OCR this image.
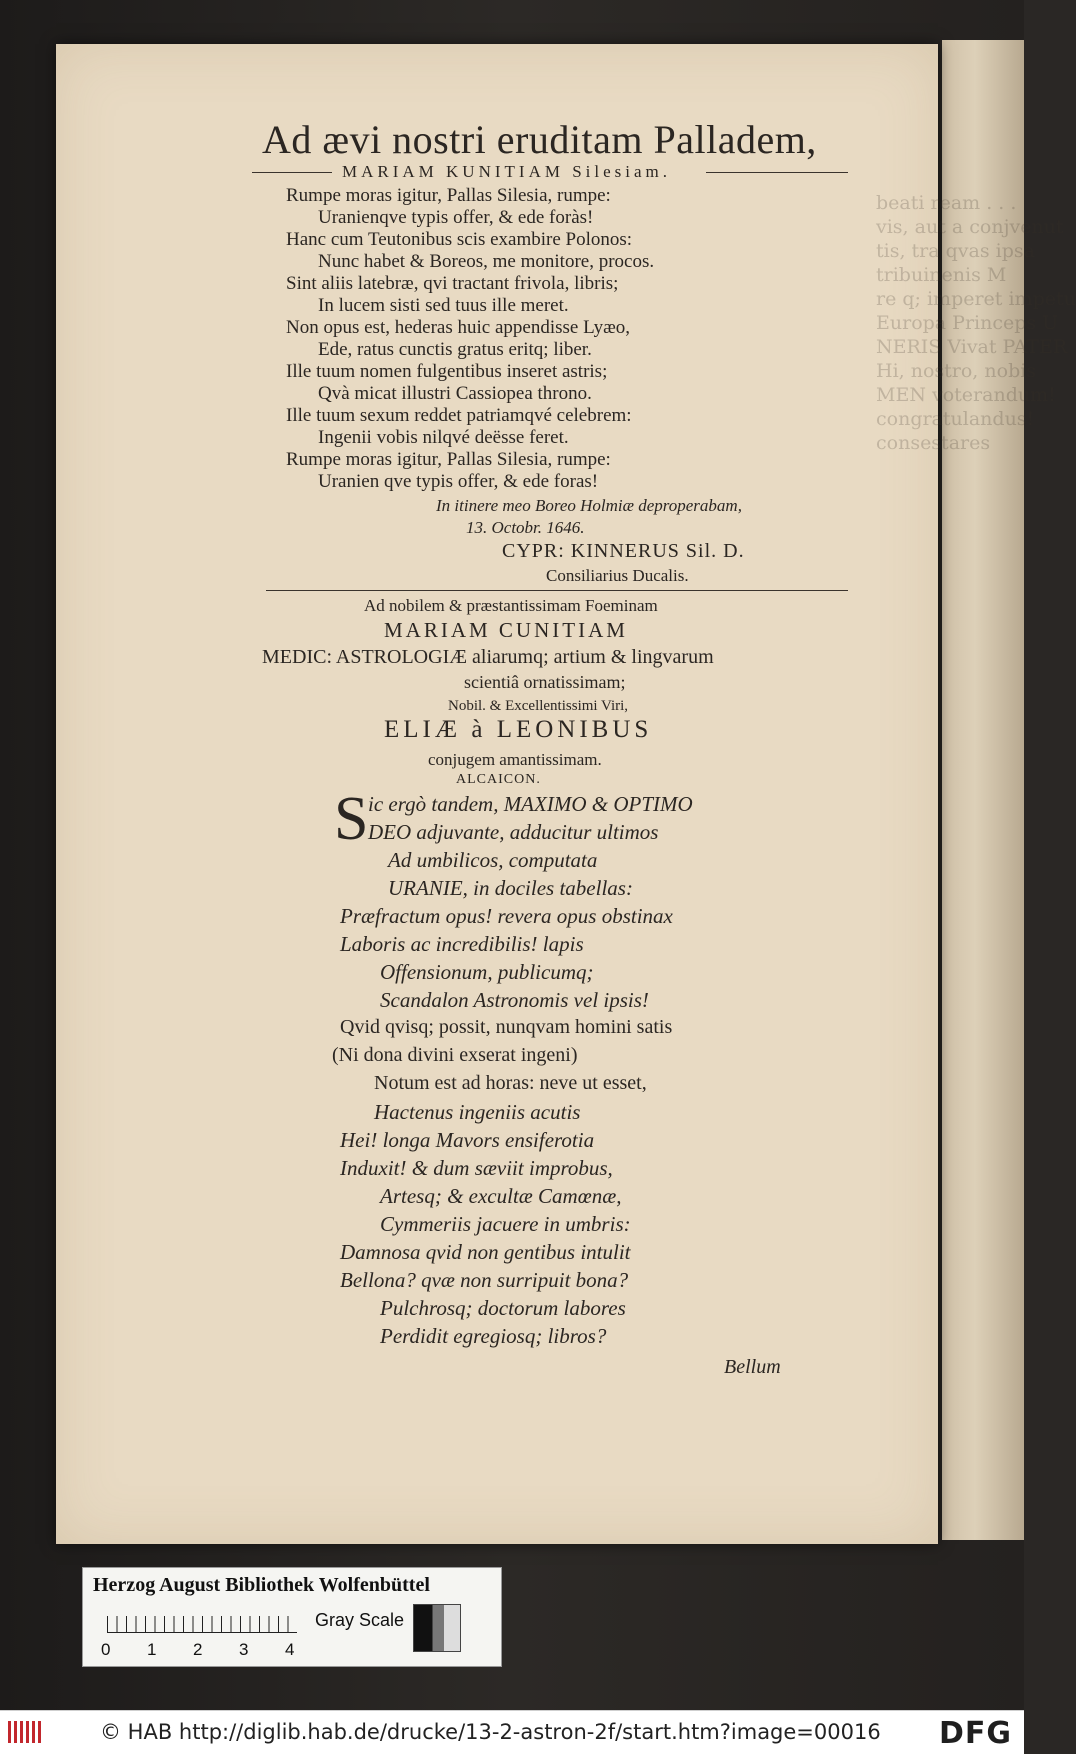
beati ream . . .
vis, aut a conjvenut
tis, tra qvas ipsa
tribuinenis M
re q; imperet impetu
Europa Princeps U
NERIS Vivat PATER
Hi, nostro, nobis
MEN voterandum!
congratulandus!
consestares
Ad ævi nostri eruditam Palladem,
MARIAM KUNITIAM Silesiam.
Rumpe moras igitur, Pallas Silesia, rumpe:
Uranienqve typis offer, & ede foràs!
Hanc cum Teutonibus scis exambire Polonos:
Nunc habet & Boreos, me monitore, procos.
Sint aliis latebræ, qvi tractant frivola, libris;
In lucem sisti sed tuus ille meret.
Non opus est, hederas huic appendisse Lyæo,
Ede, ratus cunctis gratus eritq; liber.
Ille tuum nomen fulgentibus inseret astris;
Qvà micat illustri Cassiopea throno.
Ille tuum sexum reddet patriamqvé celebrem:
Ingenii vobis nilqvé deësse feret.
Rumpe moras igitur, Pallas Silesia, rumpe:
Uranien qve typis offer, & ede foras!
In itinere meo Boreo Holmiæ deproperabam,
13. Octobr. 1646.
CYPR: KINNERUS Sil. D.
Consiliarius Ducalis.
Ad nobilem & præstantissimam Foeminam
MARIAM CUNITIAM
MEDIC: ASTROLOGIÆ aliarumq; artium & lingvarum
scientiâ ornatissimam;
Nobil. & Excellentissimi Viri,
ELIÆ à LEONIBUS
conjugem amantissimam.
ALCAICON.
S ic ergò tandem, MAXIMO & OPTIMO
DEO adjuvante, adducitur ultimos
Ad umbilicos, computata
URANIE, in dociles tabellas:
Præfractum opus! revera opus obstinax
Laboris ac incredibilis! lapis
Offensionum, publicumq;
Scandalon Astronomis vel ipsis!
Qvid qvisq; possit, nunqvam homini satis
(Ni dona divini exserat ingeni)
Notum est ad horas: neve ut esset,
Hactenus ingeniis acutis
Hei! longa Mavors ensiferotia
Induxit! & dum sæviit improbus,
Artesq; & excultæ Camœnæ,
Cymmeriis jacuere in umbris:
Damnosa qvid non gentibus intulit
Bellona? qvæ non surripuit bona?
Pulchrosq; doctorum labores
Perdidit egregiosq; libros?
Bellum
Herzog August Bibliothek Wolfenbüttel
Gray Scale
0 1 2 3 4
© HAB http://diglib.hab.de/drucke/13-2-astron-2f/start.htm?image=00016 DFG
